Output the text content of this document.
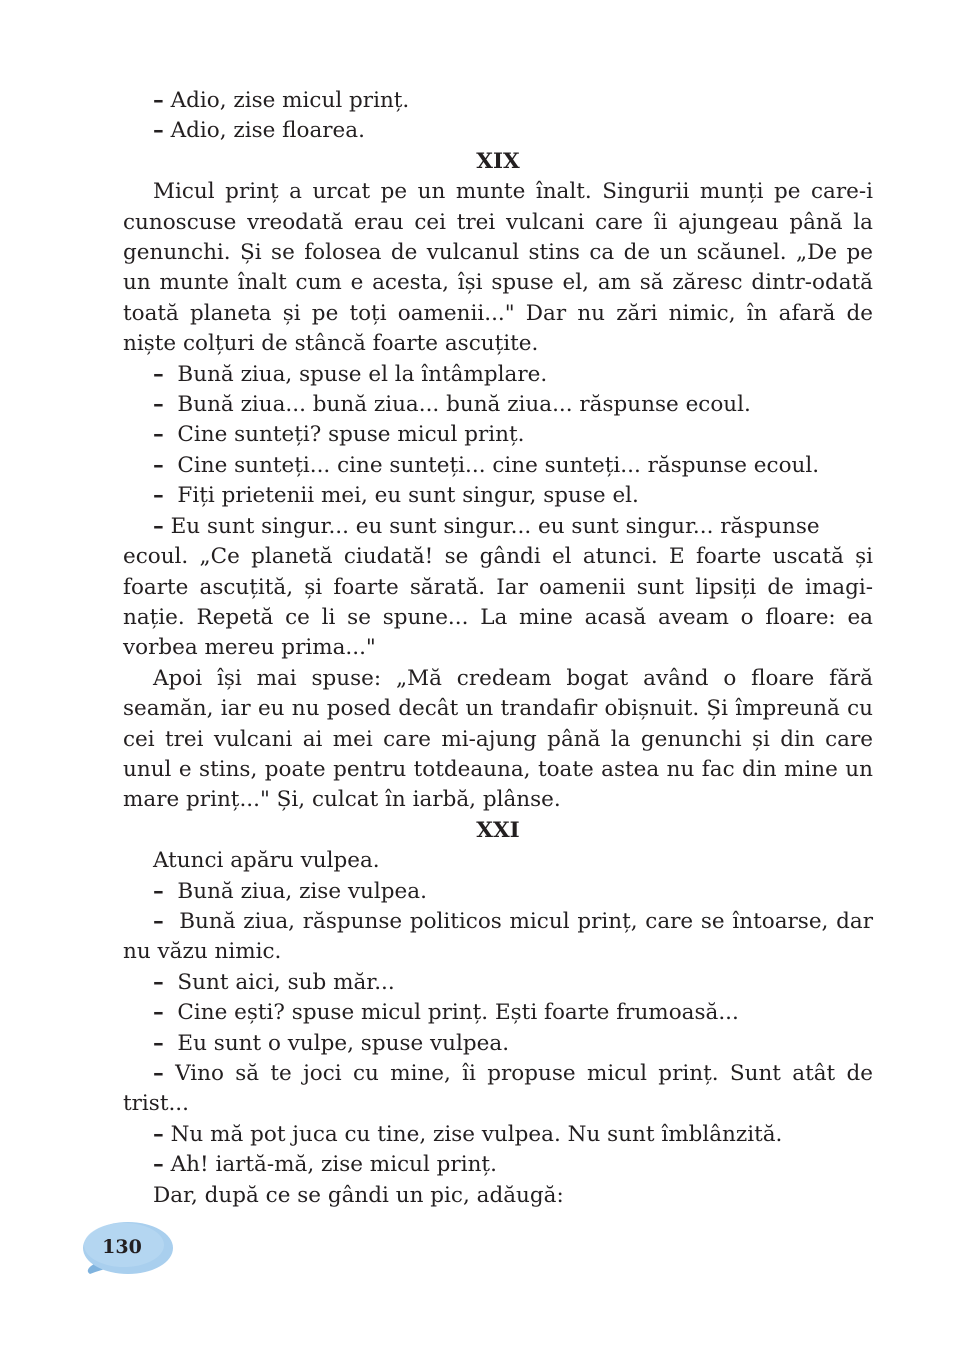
– Adio, zise micul prinț.

– Adio, zise floarea.

XIX

Micul prinț a urcat pe un munte înalt. Singurii munți pe care-i cunoscuse vreodată erau cei trei vulcani care îi ajungeau până la genunchi. Și se folosea de vulcanul stins ca de un scăunel. „De pe un munte înalt cum e acesta, își spuse el, am să zăresc dintr-odată toată planeta și pe toți oamenii..." Dar nu zări nimic, în afară de niște colțuri de stâncă foarte ascuțite.

– Bună ziua, spuse el la întâmplare.

– Bună ziua... bună ziua... bună ziua... răspunse ecoul.

– Cine sunteți? spuse micul prinț.

– Cine sunteți... cine sunteți... cine sunteți... răspunse ecoul.

– Fiți prietenii mei, eu sunt singur, spuse el.

– Eu sunt singur... eu sunt singur... eu sunt singur... răspunse

ecoul. „Ce planetă ciudată! se gândi el atunci. E foarte uscată și foarte ascuțită, și foarte sărată. Iar oamenii sunt lipsiți de imaginație. Repetă ce li se spune... La mine acasă aveam o floare: ea vorbea mereu prima..."

Apoi își mai spuse: „Mă credeam bogat având o floare fără seamăn, iar eu nu posed decât un trandafir obișnuit. Și împreună cu cei trei vulcani ai mei care mi-ajung până la genunchi și din care unul e stins, poate pentru totdeauna, toate astea nu fac din mine un mare prinț..." Și, culcat în iarbă, plânse.

XXI

Atunci apăru vulpea.

– Bună ziua, zise vulpea.

– Bună ziua, răspunse politicos micul prinț, care se întoarse, dar nu văzu nimic.

– Sunt aici, sub măr...

– Cine ești? spuse micul prinț. Ești foarte frumoasă...

– Eu sunt o vulpe, spuse vulpea.

– Vino să te joci cu mine, îi propuse micul prinț. Sunt atât de trist...

– Nu mă pot juca cu tine, zise vulpea. Nu sunt îmblânzită.

– Ah! iartă-mă, zise micul prinț.

Dar, după ce se gândi un pic, adăugă:

130
